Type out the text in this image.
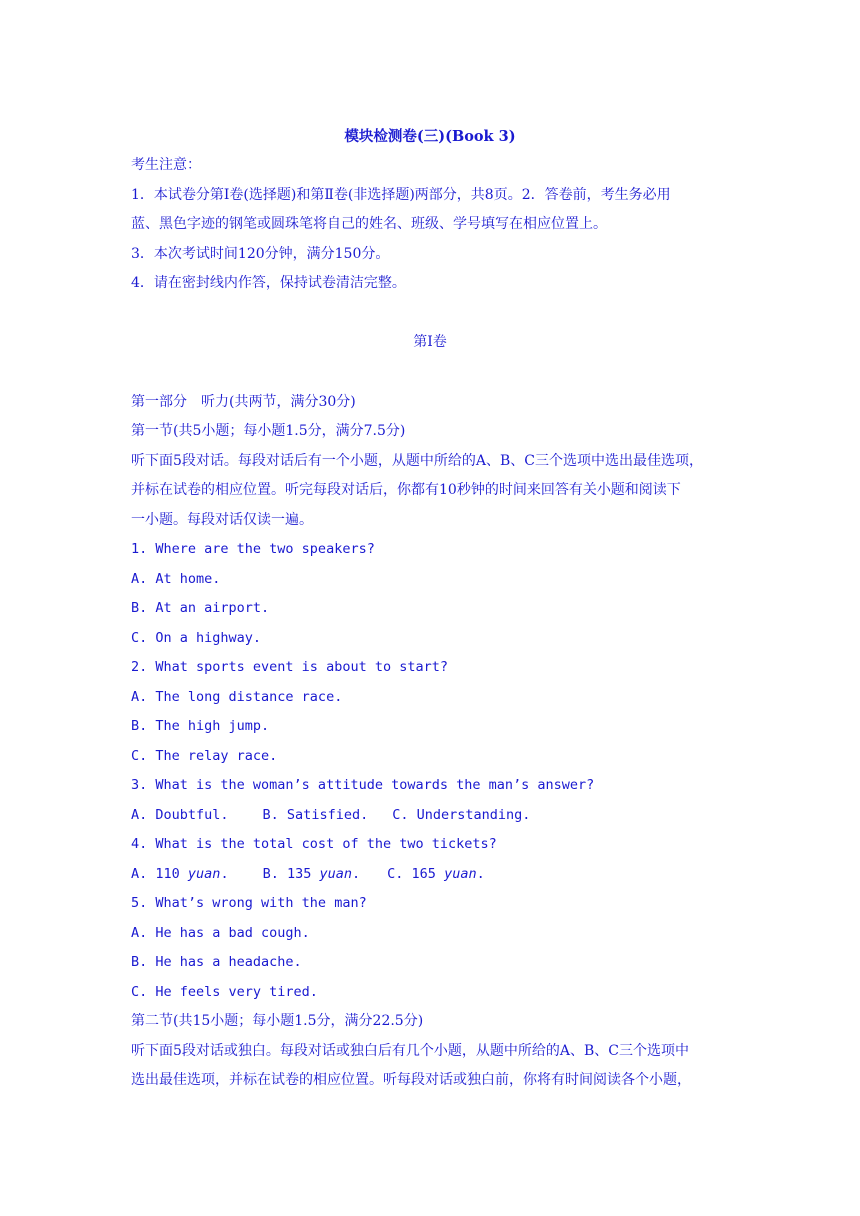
模块检测卷(三)(Book 3)
考生注意：
1．本试卷分第Ⅰ卷(选择题)和第Ⅱ卷(非选择题)两部分，共8页。2．答卷前，考生务必用
蓝、黑色字迹的钢笔或圆珠笔将自己的姓名、班级、学号填写在相应位置上。
3．本次考试时间120分钟，满分150分。
4．请在密封线内作答，保持试卷清洁完整。
第Ⅰ卷
第一部分　听力(共两节，满分30分)
第一节(共5小题；每小题1.5分，满分7.5分)
听下面5段对话。每段对话后有一个小题，从题中所给的A、B、C三个选项中选出最佳选项，
并标在试卷的相应位置。听完每段对话后，你都有10秒钟的时间来回答有关小题和阅读下
一小题。每段对话仅读一遍。
1. Where are the two speakers?
A. At home.
B. At an airport.
C. On a highway.
2. What sports event is about to start?
A. The long distance race.
B. The high jump.
C. The relay race.
3. What is the woman’s attitude towards the man’s answer?
A. Doubtful.	B. Satisfied. C. Understanding.
4. What is the total cost of the two tickets?
A. 110 yuan.	B. 135 yuan. C. 165 yuan.
5. What’s wrong with the man?
A. He has a bad cough.
B. He has a headache.
C. He feels very tired.
第二节(共15小题；每小题1.5分，满分22.5分)
听下面5段对话或独白。每段对话或独白后有几个小题，从题中所给的A、B、C三个选项中
选出最佳选项，并标在试卷的相应位置。听每段对话或独白前，你将有时间阅读各个小题，
